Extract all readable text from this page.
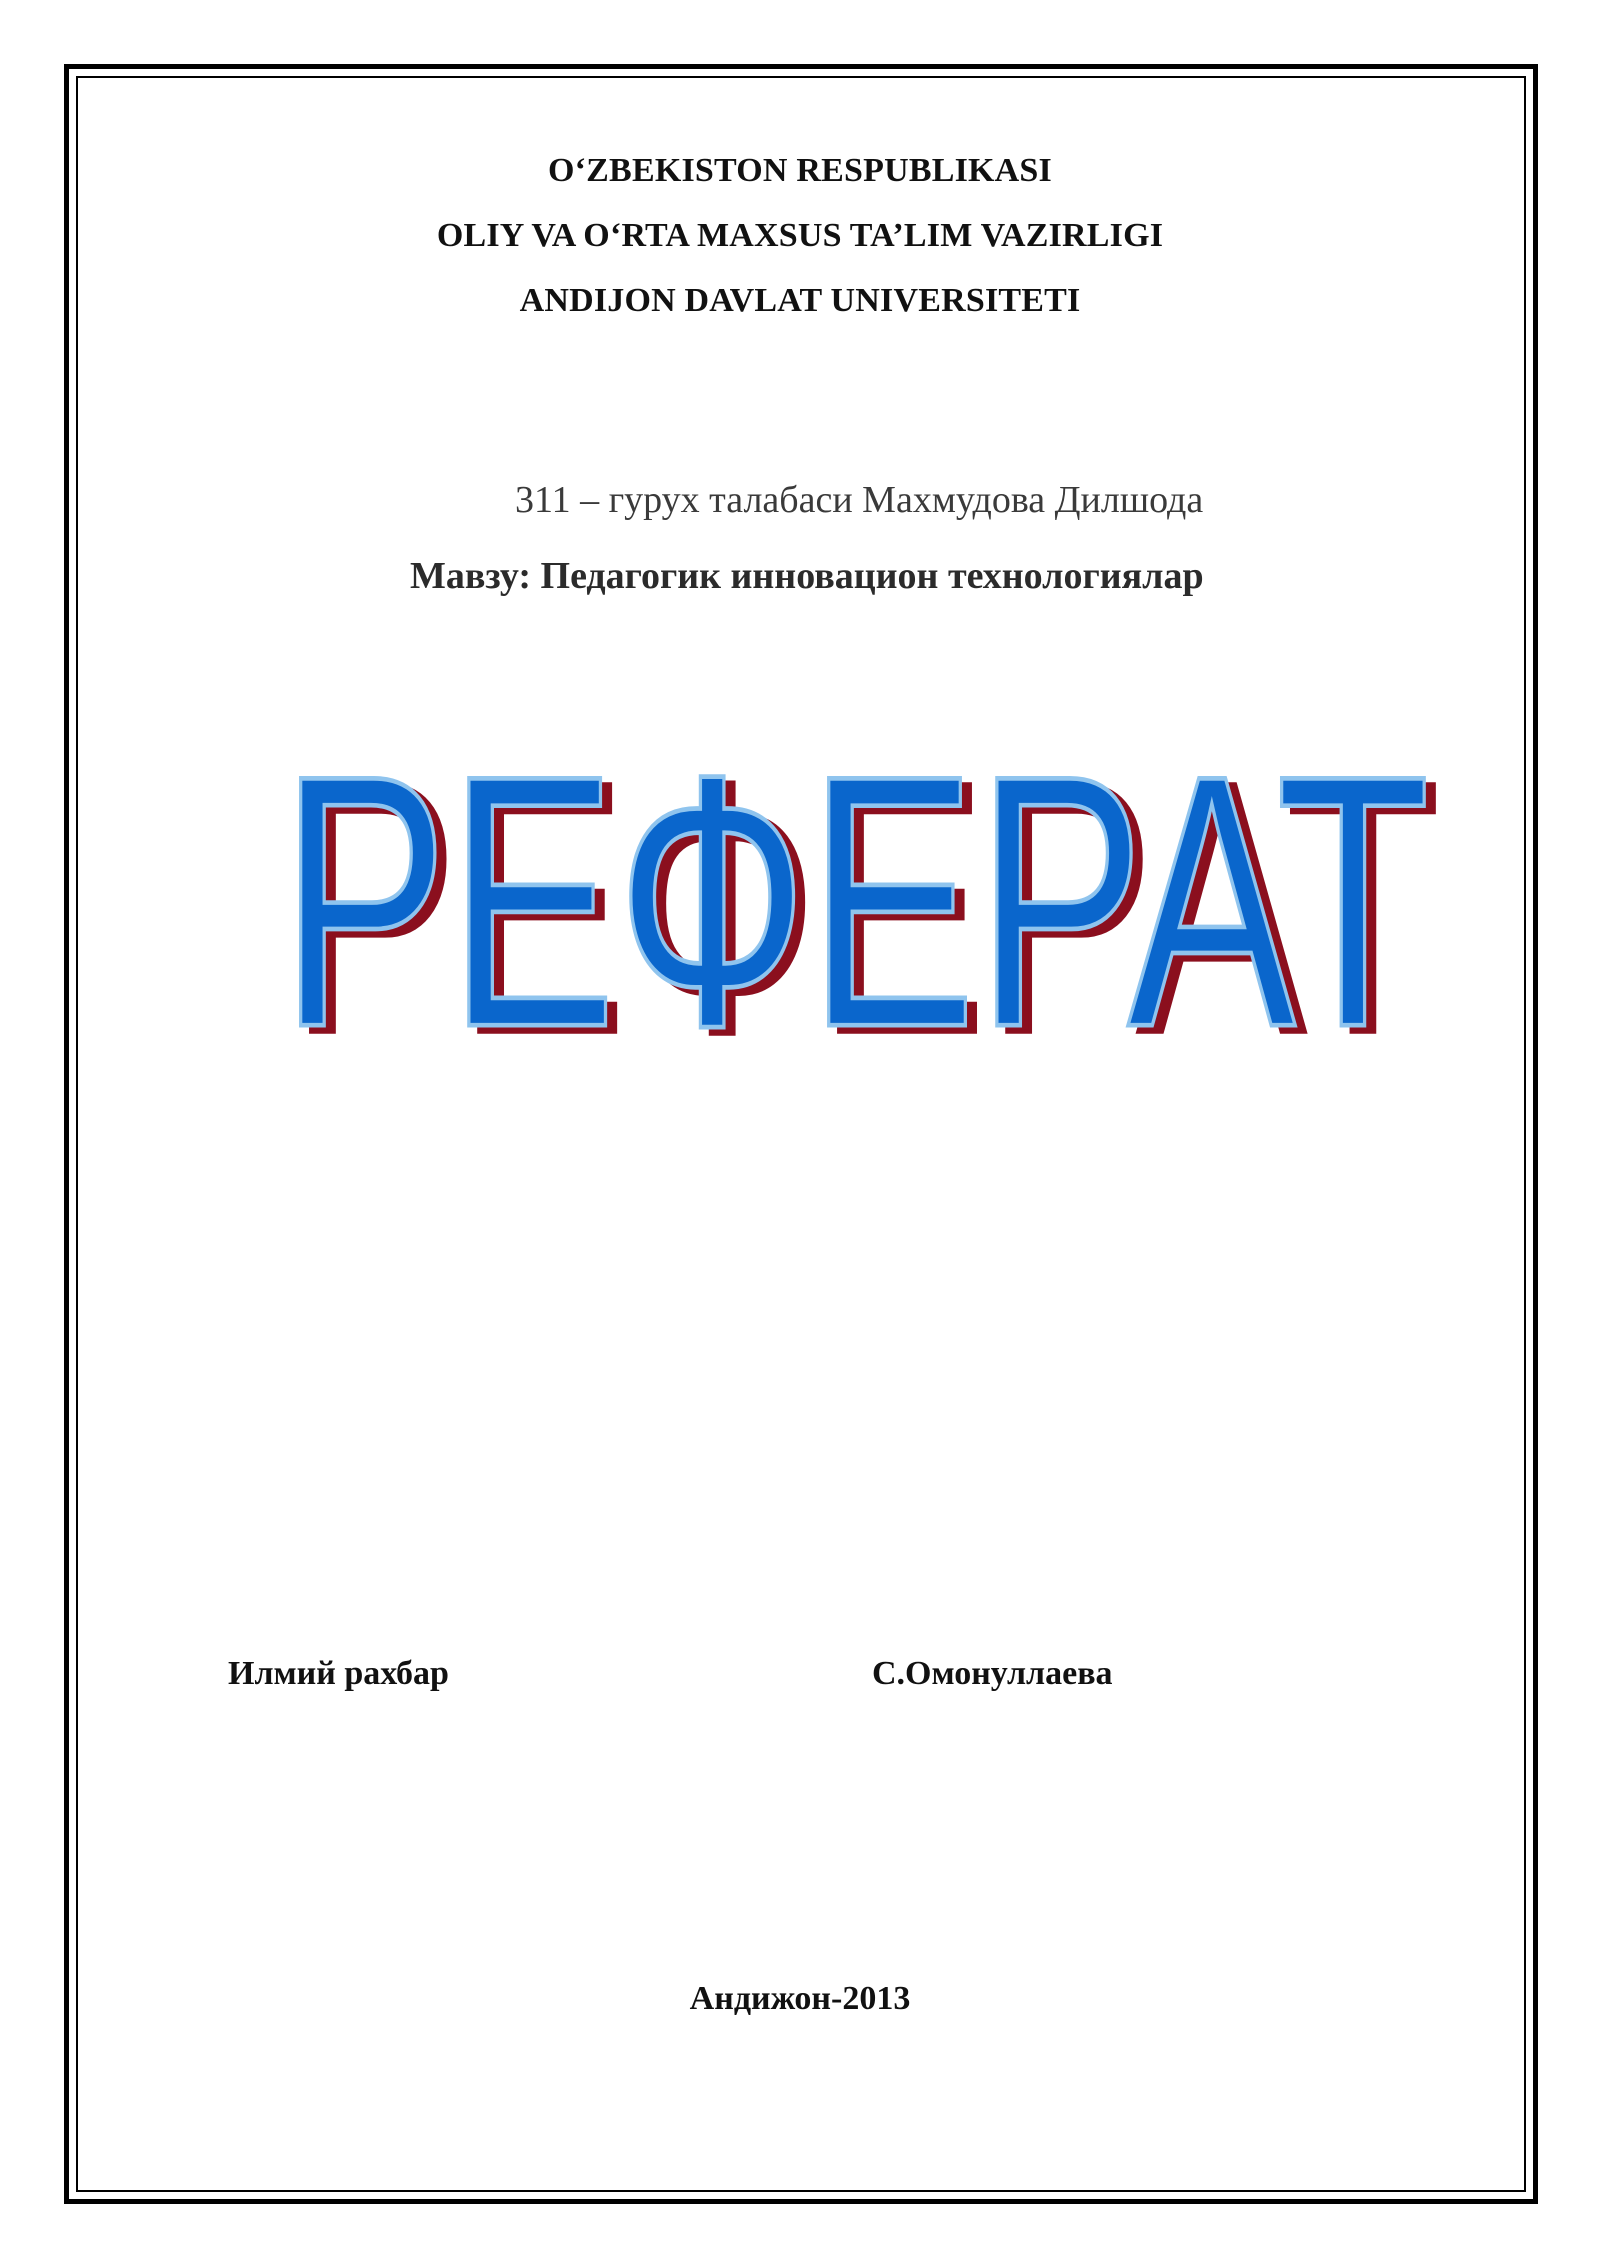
O‘ZBEKISTON RESPUBLIKASI
OLIY VA O‘RTA MAXSUS TA’LIM VAZIRLIGI
ANDIJON DAVLAT UNIVERSITETI
311 – гурух талабаси Махмудова Дилшода
Мавзу: Педагогик инновацион технологиялар
РЕФЕРАТ
РЕФЕРАТ
Илмий рахбар	С.Омонуллаева
Андижон-2013
